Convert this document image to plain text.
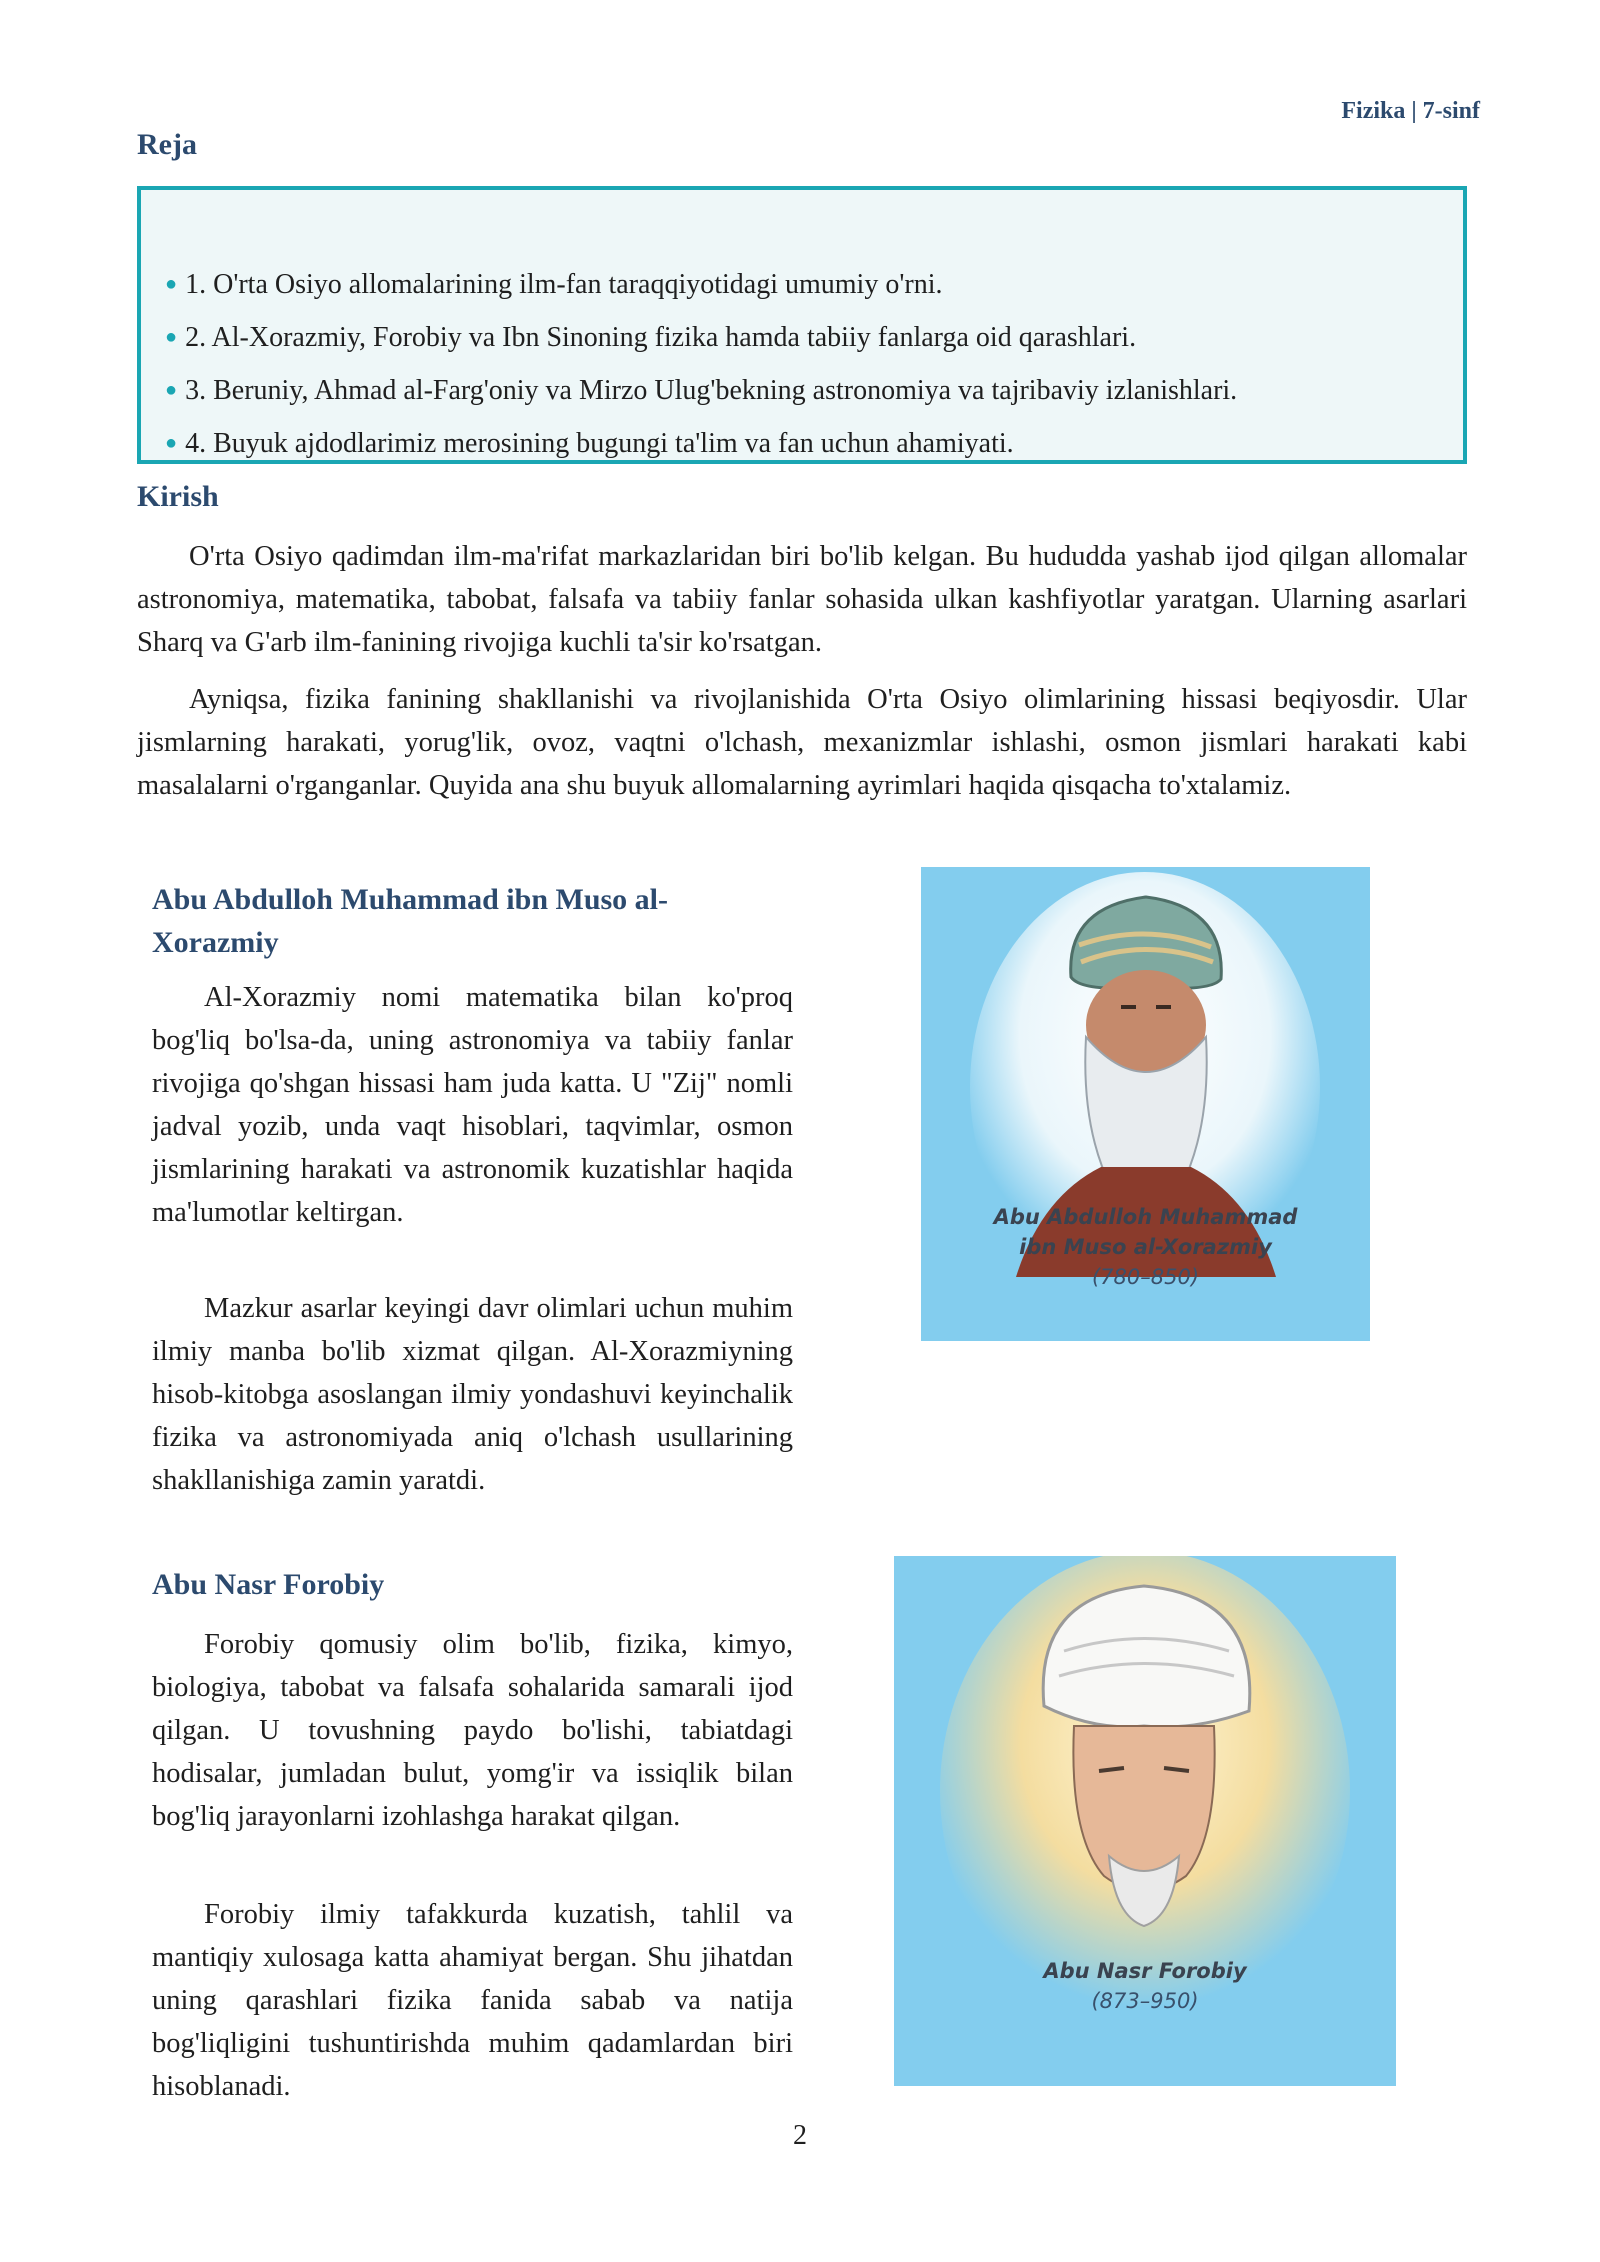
Fizika | 7-sinf
Reja
● 1. O'rta Osiyo allomalarining ilm-fan taraqqiyotidagi umumiy o'rni.
● 2. Al-Xorazmiy, Forobiy va Ibn Sinoning fizika hamda tabiiy fanlarga oid qarashlari.
● 3. Beruniy, Ahmad al-Farg'oniy va Mirzo Ulug'bekning astronomiya va tajribaviy izlanishlari.
● 4. Buyuk ajdodlarimiz merosining bugungi ta'lim va fan uchun ahamiyati.
Kirish

O'rta Osiyo qadimdan ilm-ma'rifat markazlaridan biri bo'lib kelgan. Bu hududda yashab ijod qilgan allomalar astronomiya, matematika, tabobat, falsafa va tabiiy fanlar sohasida ulkan kashfiyotlar yaratgan. Ularning asarlari Sharq va G'arb ilm-fanining rivojiga kuchli ta'sir ko'rsatgan.

Ayniqsa, fizika fanining shakllanishi va rivojlanishida O'rta Osiyo olimlarining hissasi beqiyosdir. Ular jismlarning harakati, yorug'lik, ovoz, vaqtni o'lchash, mexanizmlar ishlashi, osmon jismlari harakati kabi masalalarni o'rganganlar. Quyida ana shu buyuk allomalarning ayrimlari haqida qisqacha to'xtalamiz.

Abu Abdulloh Muhammad ibn Muso al-Xorazmiy

Al-Xorazmiy nomi matematika bilan ko'proq bog'liq bo'lsa-da, uning astronomiya va tabiiy fanlar rivojiga qo'shgan hissasi ham juda katta. U "Zij" nomli jadval yozib, unda vaqt hisoblari, taqvimlar, osmon jismlarining harakati va astronomik kuzatishlar haqida ma'lumotlar keltirgan.

Mazkur asarlar keyingi davr olimlari uchun muhim ilmiy manba bo'lib xizmat qilgan. Al-Xorazmiyning hisob-kitobga asoslangan ilmiy yondashuvi keyinchalik fizika va astronomiyada aniq o'lchash usullarining shakllanishiga zamin yaratdi.

Abu Abdulloh Muhammad
ibn Muso al-Xorazmiy
(780–850)
Abu Nasr Forobiy

Forobiy qomusiy olim bo'lib, fizika, kimyo, biologiya, tabobat va falsafa sohalarida samarali ijod qilgan. U tovushning paydo bo'lishi, tabiatdagi hodisalar, jumladan bulut, yomg'ir va issiqlik bilan bog'liq jarayonlarni izohlashga harakat qilgan.

Forobiy ilmiy tafakkurda kuzatish, tahlil va mantiqiy xulosaga katta ahamiyat bergan. Shu jihatdan uning qarashlari fizika fanida sabab va natija bog'liqligini tushuntirishda muhim qadamlardan biri hisoblanadi.

Abu Nasr Forobiy
(873–950)
2
